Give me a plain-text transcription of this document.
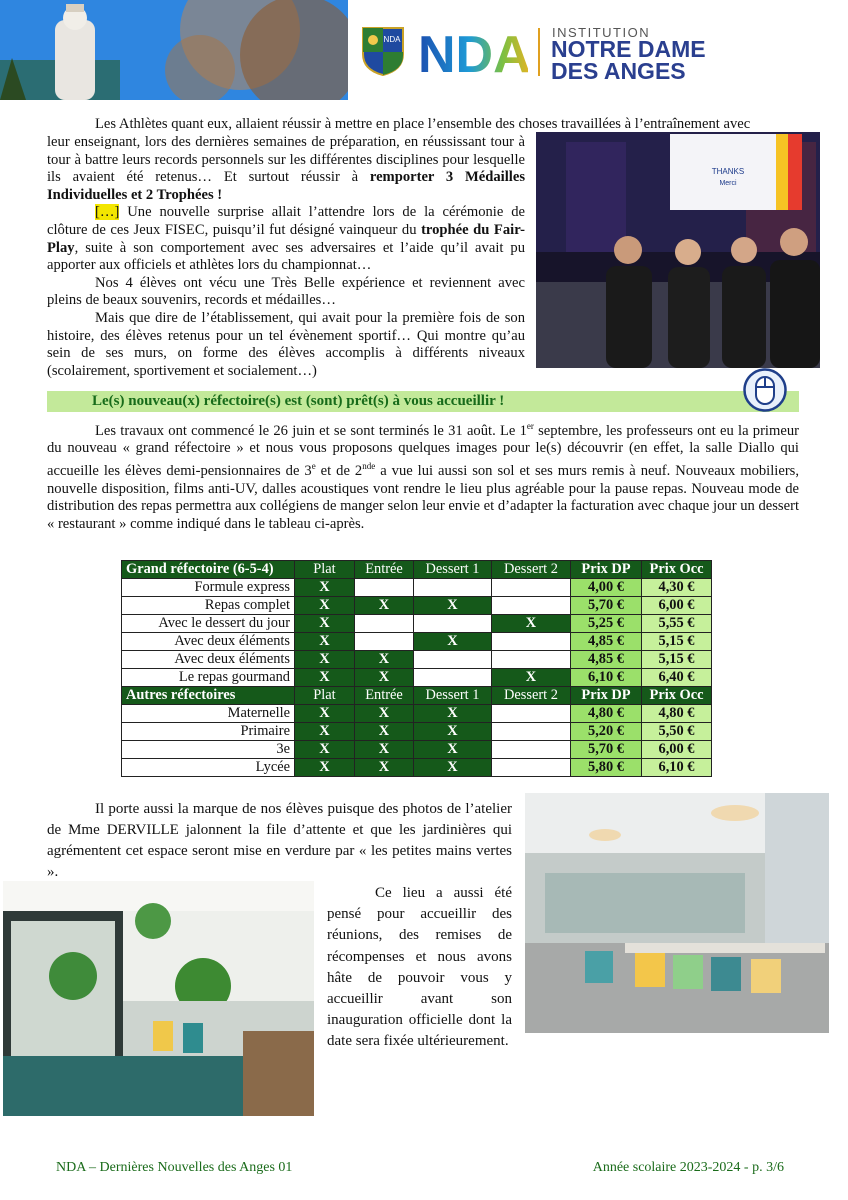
NDA NDA INSTITUTION
NOTRE DAME
DES ANGES

Les Athlètes quant eux, allaient réussir à mettre en place l’ensemble des choses travaillées à l’entraînement avec

leur enseignant, lors des dernières semaines de préparation, en réussissant tour à tour à battre leurs records personnels sur les différentes disciplines pour lesquelle ils avaient été retenus… Et surtout réussir à remporter 3 Médailles Individuelles et 2 Trophées !

[…] Une nouvelle surprise allait l’attendre lors de la cérémonie de clôture de ces Jeux FISEC, puisqu’il fut désigné vainqueur du trophée du Fair-Play, suite à son comportement avec ses adversaires et l’aide qu’il avait pu apporter aux officiels et athlètes lors du championnat…

Nos 4 élèves ont vécu une Très Belle expérience et reviennent avec pleins de beaux souvenirs, records et médailles…

Mais que dire de l’établissement, qui avait pour la première fois de son histoire, des élèves retenus pour un tel évènement sportif… Qui montre qu’au sein de ses murs, on forme des élèves accomplis à différents niveaux (scolairement, sportivement et socialement…)

THANKS
Merci
Le(s) nouveau(x) réfectoire(s) est (sont) prêt(s) à vous accueillir !

Les travaux ont commencé le 26 juin et se sont terminés le 31 août. Le 1er septembre, les professeurs ont eu la primeur du nouveau « grand réfectoire » et nous vous proposons quelques images pour le(s) découvrir (en effet, la salle Diallo qui accueille les élèves demi-pensionnaires de 3e et de 2nde a vue lui aussi son sol et ses murs remis à neuf. Nouveaux mobiliers, nouvelle disposition, films anti-UV, dalles acoustiques vont rendre le lieu plus agréable pour la pause repas. Nouveau mode de distribution des repas permettra aux collégiens de manger selon leur envie et d’adapter la facturation avec chaque jour un dessert « restaurant » comme indiqué dans le tableau ci-après.

Grand réfectoire (6-5-4)	Plat	Entrée	Dessert 1	Dessert 2	Prix DP	Prix Occ
Formule express	X				4,00 €	4,30 €
Repas complet	X	X	X		5,70 €	6,00 €
Avec le dessert du jour	X			X	5,25 €	5,55 €
Avec deux éléments	X		X		4,85 €	5,15 €
Avec deux éléments	X	X			4,85 €	5,15 €
Le repas gourmand	X	X		X	6,10 €	6,40 €
Autres réfectoires	Plat	Entrée	Dessert 1	Dessert 2	Prix DP	Prix Occ
Maternelle	X	X	X		4,80 €	4,80 €
Primaire	X	X	X		5,20 €	5,50 €
3e	X	X	X		5,70 €	6,00 €
Lycée	X	X	X		5,80 €	6,10 €

Il porte aussi la marque de nos élèves puisque des photos de l’atelier de Mme DERVILLE jalonnent la file d’attente et que les jardinières qui agrémentent cet espace seront mise en verdure par « les petites mains vertes ».

Ce lieu a aussi été pensé pour accueillir des réunions, des remises de récompenses et nous avons hâte de pouvoir vous y accueillir avant son inauguration officielle dont la date sera fixée ultérieurement.

NDA – Dernières Nouvelles des Anges 01	Année scolaire 2023-2024 - p. 3/6
